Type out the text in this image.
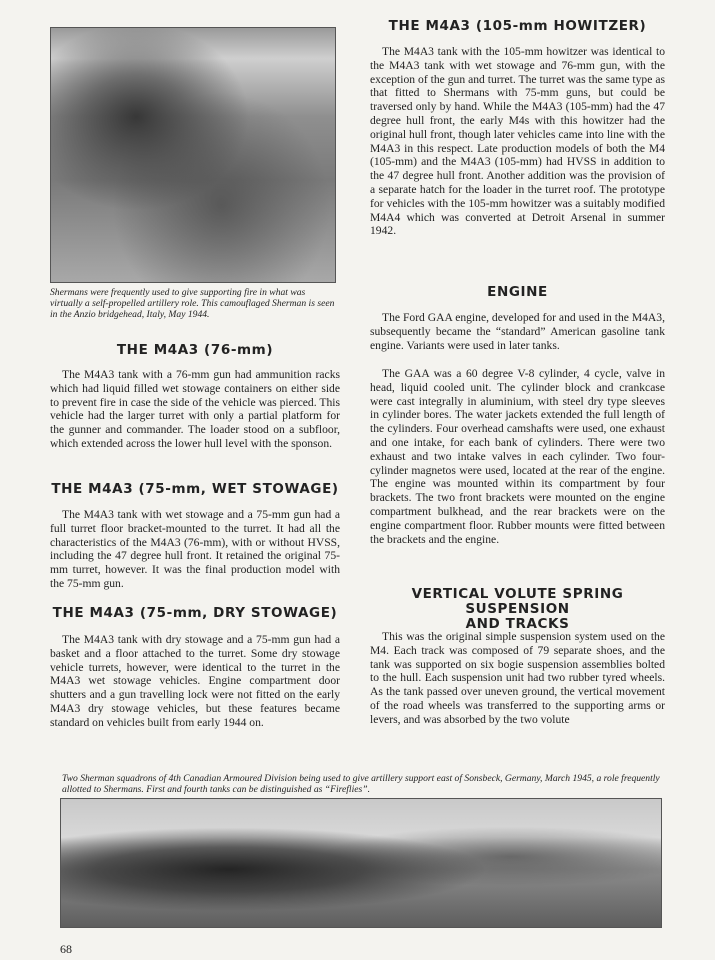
Shermans were frequently used to give supporting fire in what was virtually a self-propelled artillery role. This camouflaged Sherman is seen in the Anzio bridgehead, Italy, May 1944.
THE M4A3 (76-mm)

The M4A3 tank with a 76-mm gun had ammunition racks which had liquid filled wet stowage containers on either side to prevent fire in case the side of the vehicle was pierced. This vehicle had the larger turret with only a partial platform for the gunner and commander. The loader stood on a subfloor, which extended across the lower hull level with the sponson.

THE M4A3 (75-mm, WET STOWAGE)

The M4A3 tank with wet stowage and a 75-mm gun had a full turret floor bracket-mounted to the turret. It had all the characteristics of the M4A3 (76-mm), with or without HVSS, including the 47 degree hull front. It retained the original 75-mm turret, however. It was the final production model with the 75-mm gun.

THE M4A3 (75-mm, DRY STOWAGE)

The M4A3 tank with dry stowage and a 75-mm gun had a basket and a floor attached to the turret. Some dry stowage vehicle turrets, however, were identical to the turret in the M4A3 wet stowage vehicles. Engine compartment door shutters and a gun travelling lock were not fitted on the early M4A3 dry stowage vehicles, but these features became standard on vehicles built from early 1944 on.

THE M4A3 (105-mm HOWITZER)

The M4A3 tank with the 105-mm howitzer was identical to the M4A3 tank with wet stowage and 76-mm gun, with the exception of the gun and turret. The turret was the same type as that fitted to Shermans with 75-mm guns, but could be traversed only by hand. While the M4A3 (105-mm) had the 47 degree hull front, the early M4s with this howitzer had the original hull front, though later vehicles came into line with the M4A3 in this respect. Late production models of both the M4 (105-mm) and the M4A3 (105-mm) had HVSS in addition to the 47 degree hull front. Another addition was the provision of a separate hatch for the loader in the turret roof. The prototype for vehicles with the 105-mm howitzer was a suitably modified M4A4 which was converted at Detroit Arsenal in summer 1942.

ENGINE

The Ford GAA engine, developed for and used in the M4A3, subsequently became the “standard” American gasoline tank engine. Variants were used in later tanks.

The GAA was a 60 degree V-8 cylinder, 4 cycle, valve in head, liquid cooled unit. The cylinder block and crankcase were cast integrally in aluminium, with steel dry type sleeves in cylinder bores. The water jackets extended the full length of the cylinders. Four overhead camshafts were used, one exhaust and one intake, for each bank of cylinders. There were two exhaust and two intake valves in each cylinder. Two four-cylinder magnetos were used, located at the rear of the engine. The engine was mounted within its compartment by four brackets. The two front brackets were mounted on the engine compartment bulkhead, and the rear brackets were on the engine compartment floor. Rubber mounts were fitted between the brackets and the engine.

VERTICAL VOLUTE SPRING SUSPENSION
AND TRACKS

This was the original simple suspension system used on the M4. Each track was composed of 79 separate shoes, and the tank was supported on six bogie suspension assemblies bolted to the hull. Each suspension unit had two rubber tyred wheels. As the tank passed over uneven ground, the vertical movement of the road wheels was transferred to the supporting arms or levers, and was absorbed by the two volute

Two Sherman squadrons of 4th Canadian Armoured Division being used to give artillery support east of Sonsbeck, Germany, March 1945, a role frequently allotted to Shermans. First and fourth tanks can be distinguished as “Fireflies”.
68
